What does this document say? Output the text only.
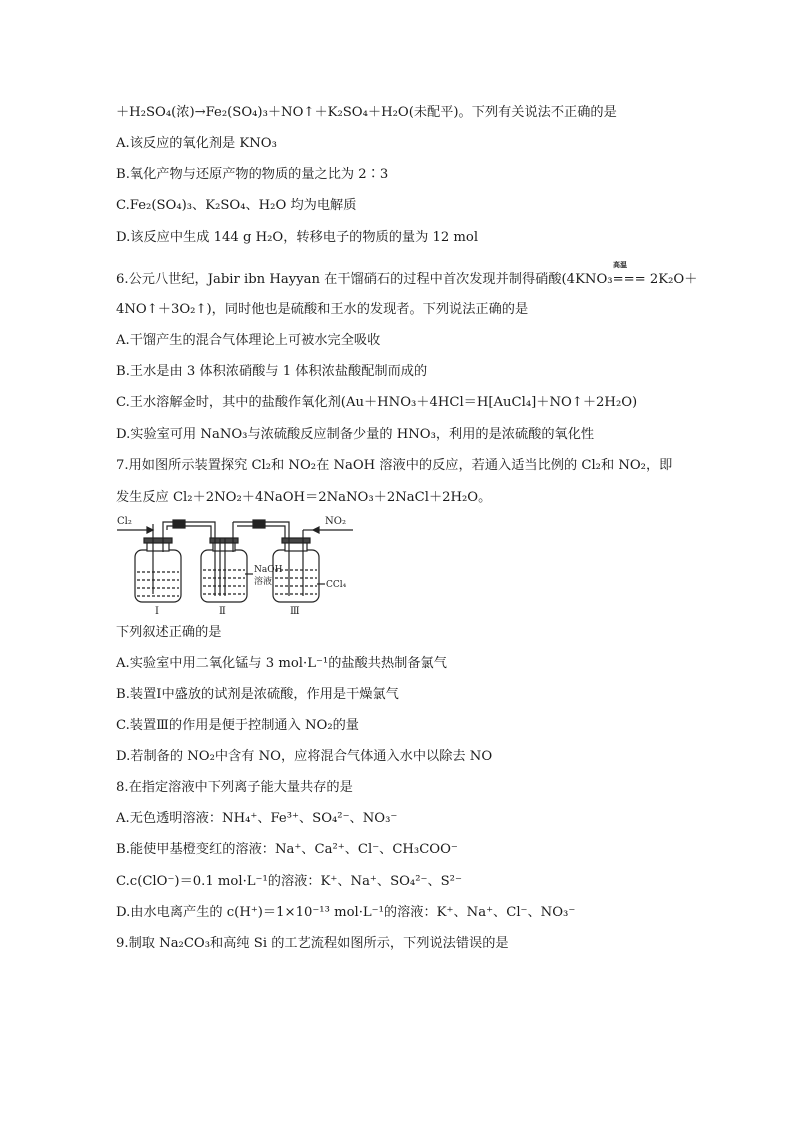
＋H₂SO₄(浓)→Fe₂(SO₄)₃＋NO↑＋K₂SO₄＋H₂O(未配平)。下列有关说法不正确的是
A.该反应的氧化剂是 KNO₃
B.氧化产物与还原产物的物质的量之比为 2∶3
C.Fe₂(SO₄)₃、K₂SO₄、H₂O 均为电解质
D.该反应中生成 144 g H₂O，转移电子的物质的量为 12 mol
高温
6.公元八世纪，Jabir ibn Hayyan 在干馏硝石的过程中首次发现并制得硝酸(4KNO₃=== 2K₂O＋
4NO↑＋3O₂↑)，同时他也是硫酸和王水的发现者。下列说法正确的是
A.干馏产生的混合气体理论上可被水完全吸收
B.王水是由 3 体积浓硝酸与 1 体积浓盐酸配制而成的
C.王水溶解金时，其中的盐酸作氧化剂(Au＋HNO₃＋4HCl＝H[AuCl₄]＋NO↑＋2H₂O)
D.实验室可用 NaNO₃与浓硫酸反应制备少量的 HNO₃，利用的是浓硫酸的氧化性
7.用如图所示装置探究 Cl₂和 NO₂在 NaOH 溶液中的反应，若通入适当比例的 Cl₂和 NO₂，即
发生反应 Cl₂＋2NO₂＋4NaOH＝2NaNO₃＋2NaCl＋2H₂O。
Cl₂	NO₂
NaOH
溶液	CCl₄
Ⅰ	Ⅱ	Ⅲ
下列叙述正确的是
A.实验室中用二氧化锰与 3 mol·L⁻¹的盐酸共热制备氯气
B.装置Ⅰ中盛放的试剂是浓硫酸，作用是干燥氯气
C.装置Ⅲ的作用是便于控制通入 NO₂的量
D.若制备的 NO₂中含有 NO，应将混合气体通入水中以除去 NO
8.在指定溶液中下列离子能大量共存的是
A.无色透明溶液：NH₄⁺、Fe³⁺、SO₄²⁻、NO₃⁻
B.能使甲基橙变红的溶液：Na⁺、Ca²⁺、Cl⁻、CH₃COO⁻
C.c(ClO⁻)＝0.1 mol·L⁻¹的溶液：K⁺、Na⁺、SO₄²⁻、S²⁻
D.由水电离产生的 c(H⁺)＝1×10⁻¹³ mol·L⁻¹的溶液：K⁺、Na⁺、Cl⁻、NO₃⁻
9.制取 Na₂CO₃和高纯 Si 的工艺流程如图所示，下列说法错误的是
